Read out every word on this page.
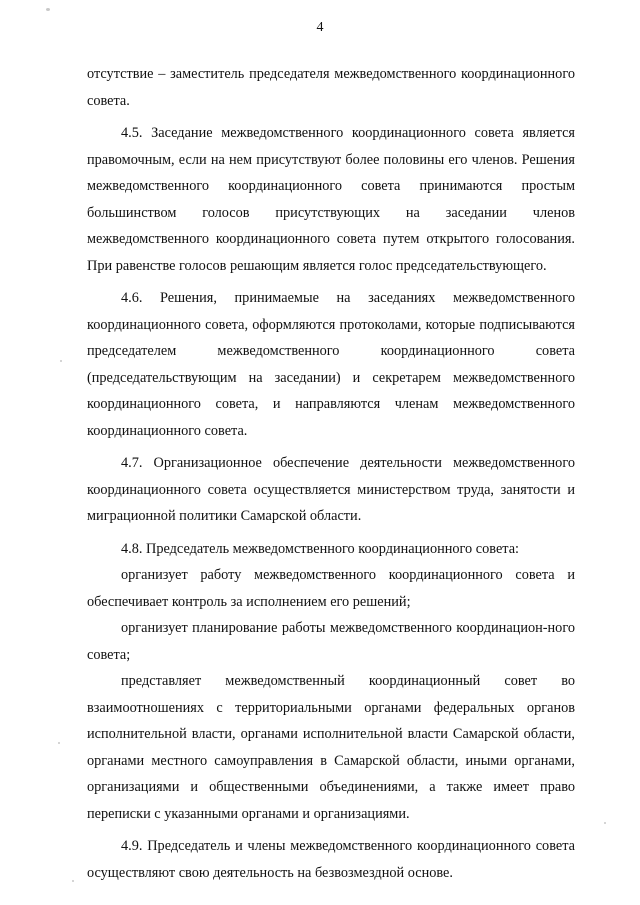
4

отсутствие – заместитель председателя межведомственного координационного совета.

4.5. Заседание межведомственного координационного совета является правомочным, если на нем присутствуют более половины его членов. Решения межведомственного координационного совета принимаются простым большинством голосов присутствующих на заседании членов межведомственного координационного совета путем открытого голосования. При равенстве голосов решающим является голос председательствующего.

4.6. Решения, принимаемые на заседаниях межведомственного координационного совета, оформляются протоколами, которые подписываются председателем межведомственного координационного совета (председательствующим на заседании) и секретарем межведомственного координационного совета, и направляются членам межведомственного координационного совета.

4.7. Организационное обеспечение деятельности межведомственного координационного совета осуществляется министерством труда, занятости и миграционной политики Самарской области.

4.8. Председатель межведомственного координационного совета:

организует работу межведомственного координационного совета и обеспечивает контроль за исполнением его решений;

организует планирование работы межведомственного координацион-ного совета;

представляет межведомственный координационный совет во взаимоотношениях с территориальными органами федеральных органов исполнительной власти, органами исполнительной власти Самарской области, органами местного самоуправления в Самарской области, иными органами, организациями и общественными объединениями, а также имеет право переписки с указанными органами и организациями.

4.9. Председатель и члены межведомственного координационного совета осуществляют свою деятельность на безвозмездной основе.
